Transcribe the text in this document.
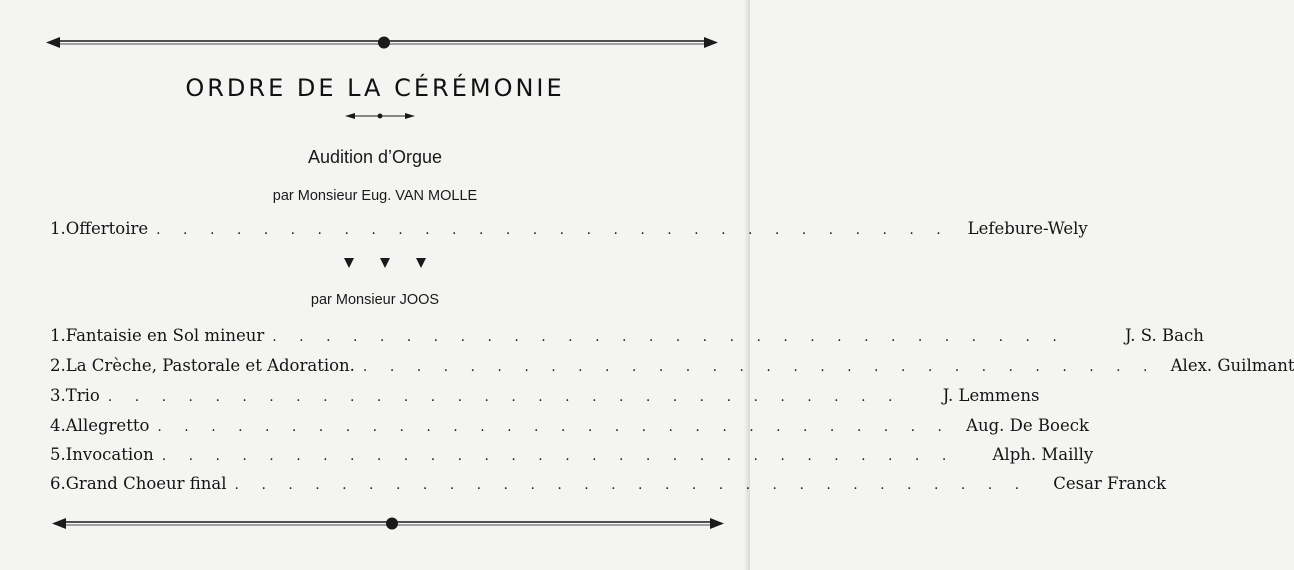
ORDRE DE LA CÉRÉMONIE
Audition d’Orgue
par Monsieur Eug. VAN MOLLE
1. Offertoire . . . . . . . . . . . . . . . . . . . . . . . . . . . . . .	Lefebure-Wely
par Monsieur JOOS
1. Fantaisie en Sol mineur . . . . . . . . . . . . . . . . . . . . . . . . . . . . . .	J. S. Bach
2. La Crèche, Pastorale et Adoration. . . . . . . . . . . . . . . . . . . . . . . . . . . . . . . Alex. Guilmant
3. Trio . . . . . . . . . . . . . . . . . . . . . . . . . . . . . .	J. Lemmens
4. Allegretto . . . . . . . . . . . . . . . . . . . . . . . . . . . . . . Aug. De Boeck
5. Invocation . . . . . . . . . . . . . . . . . . . . . . . . . . . . . .	Alph. Mailly
6. Grand Choeur final . . . . . . . . . . . . . . . . . . . . . . . . . . . . . .	Cesar Franck
